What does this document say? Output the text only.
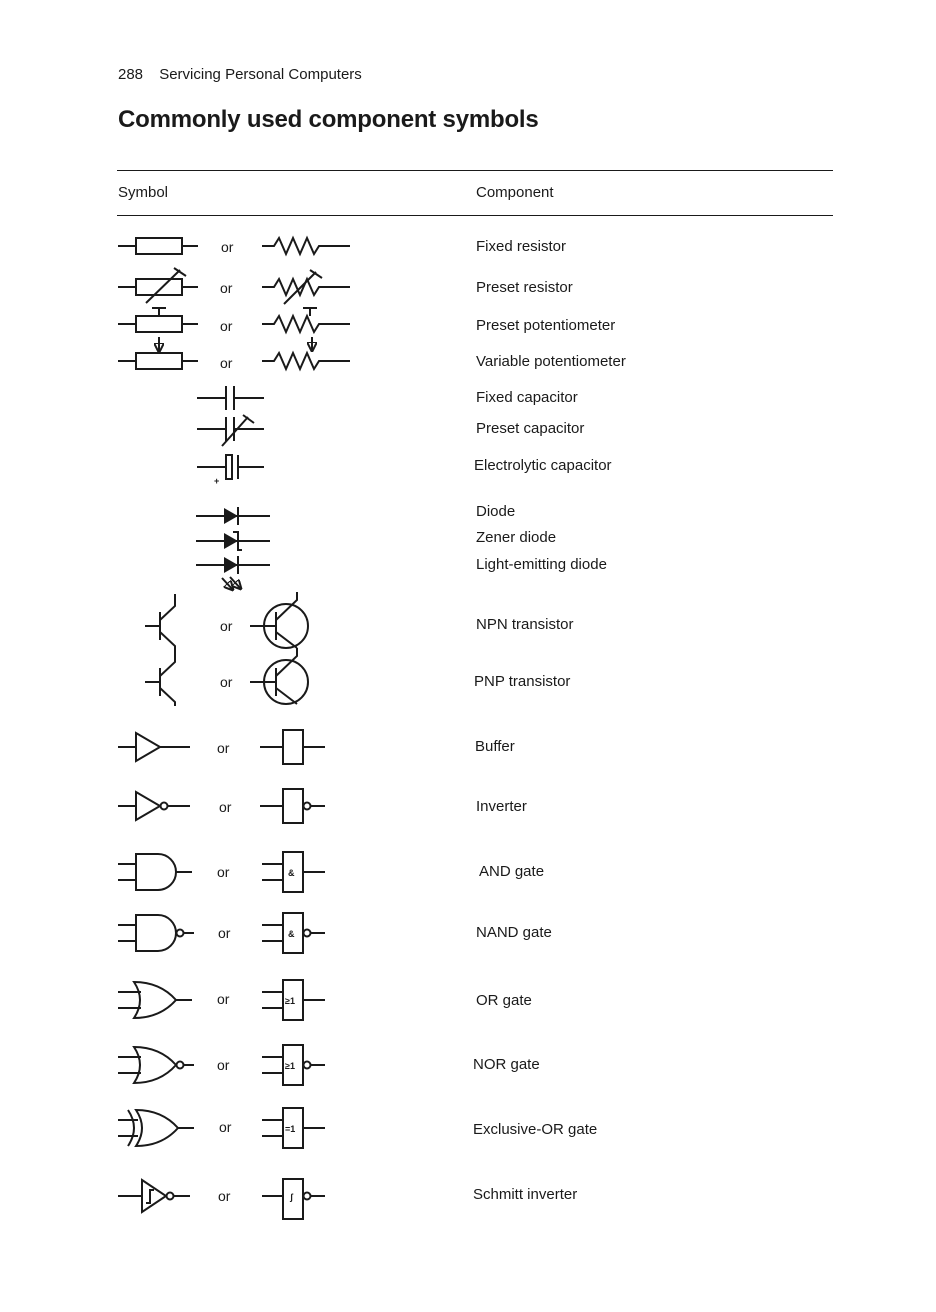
288 Servicing Personal Computers
Commonly used component symbols
Symbol	Component
Fixed resistor
Preset resistor
Preset potentiometer
Variable potentiometer
Fixed capacitor
Preset capacitor
Electrolytic capacitor
Diode
Zener diode
Light-emitting diode
NPN transistor
PNP transistor
Buffer
Inverter
AND gate
NAND gate
OR gate
NOR gate
Exclusive-OR gate
Schmitt inverter
or
or
or
or
or
or
or
or
or
or
or
or
or
or
+
&
&
≥1
≥1
=1
ʃ
